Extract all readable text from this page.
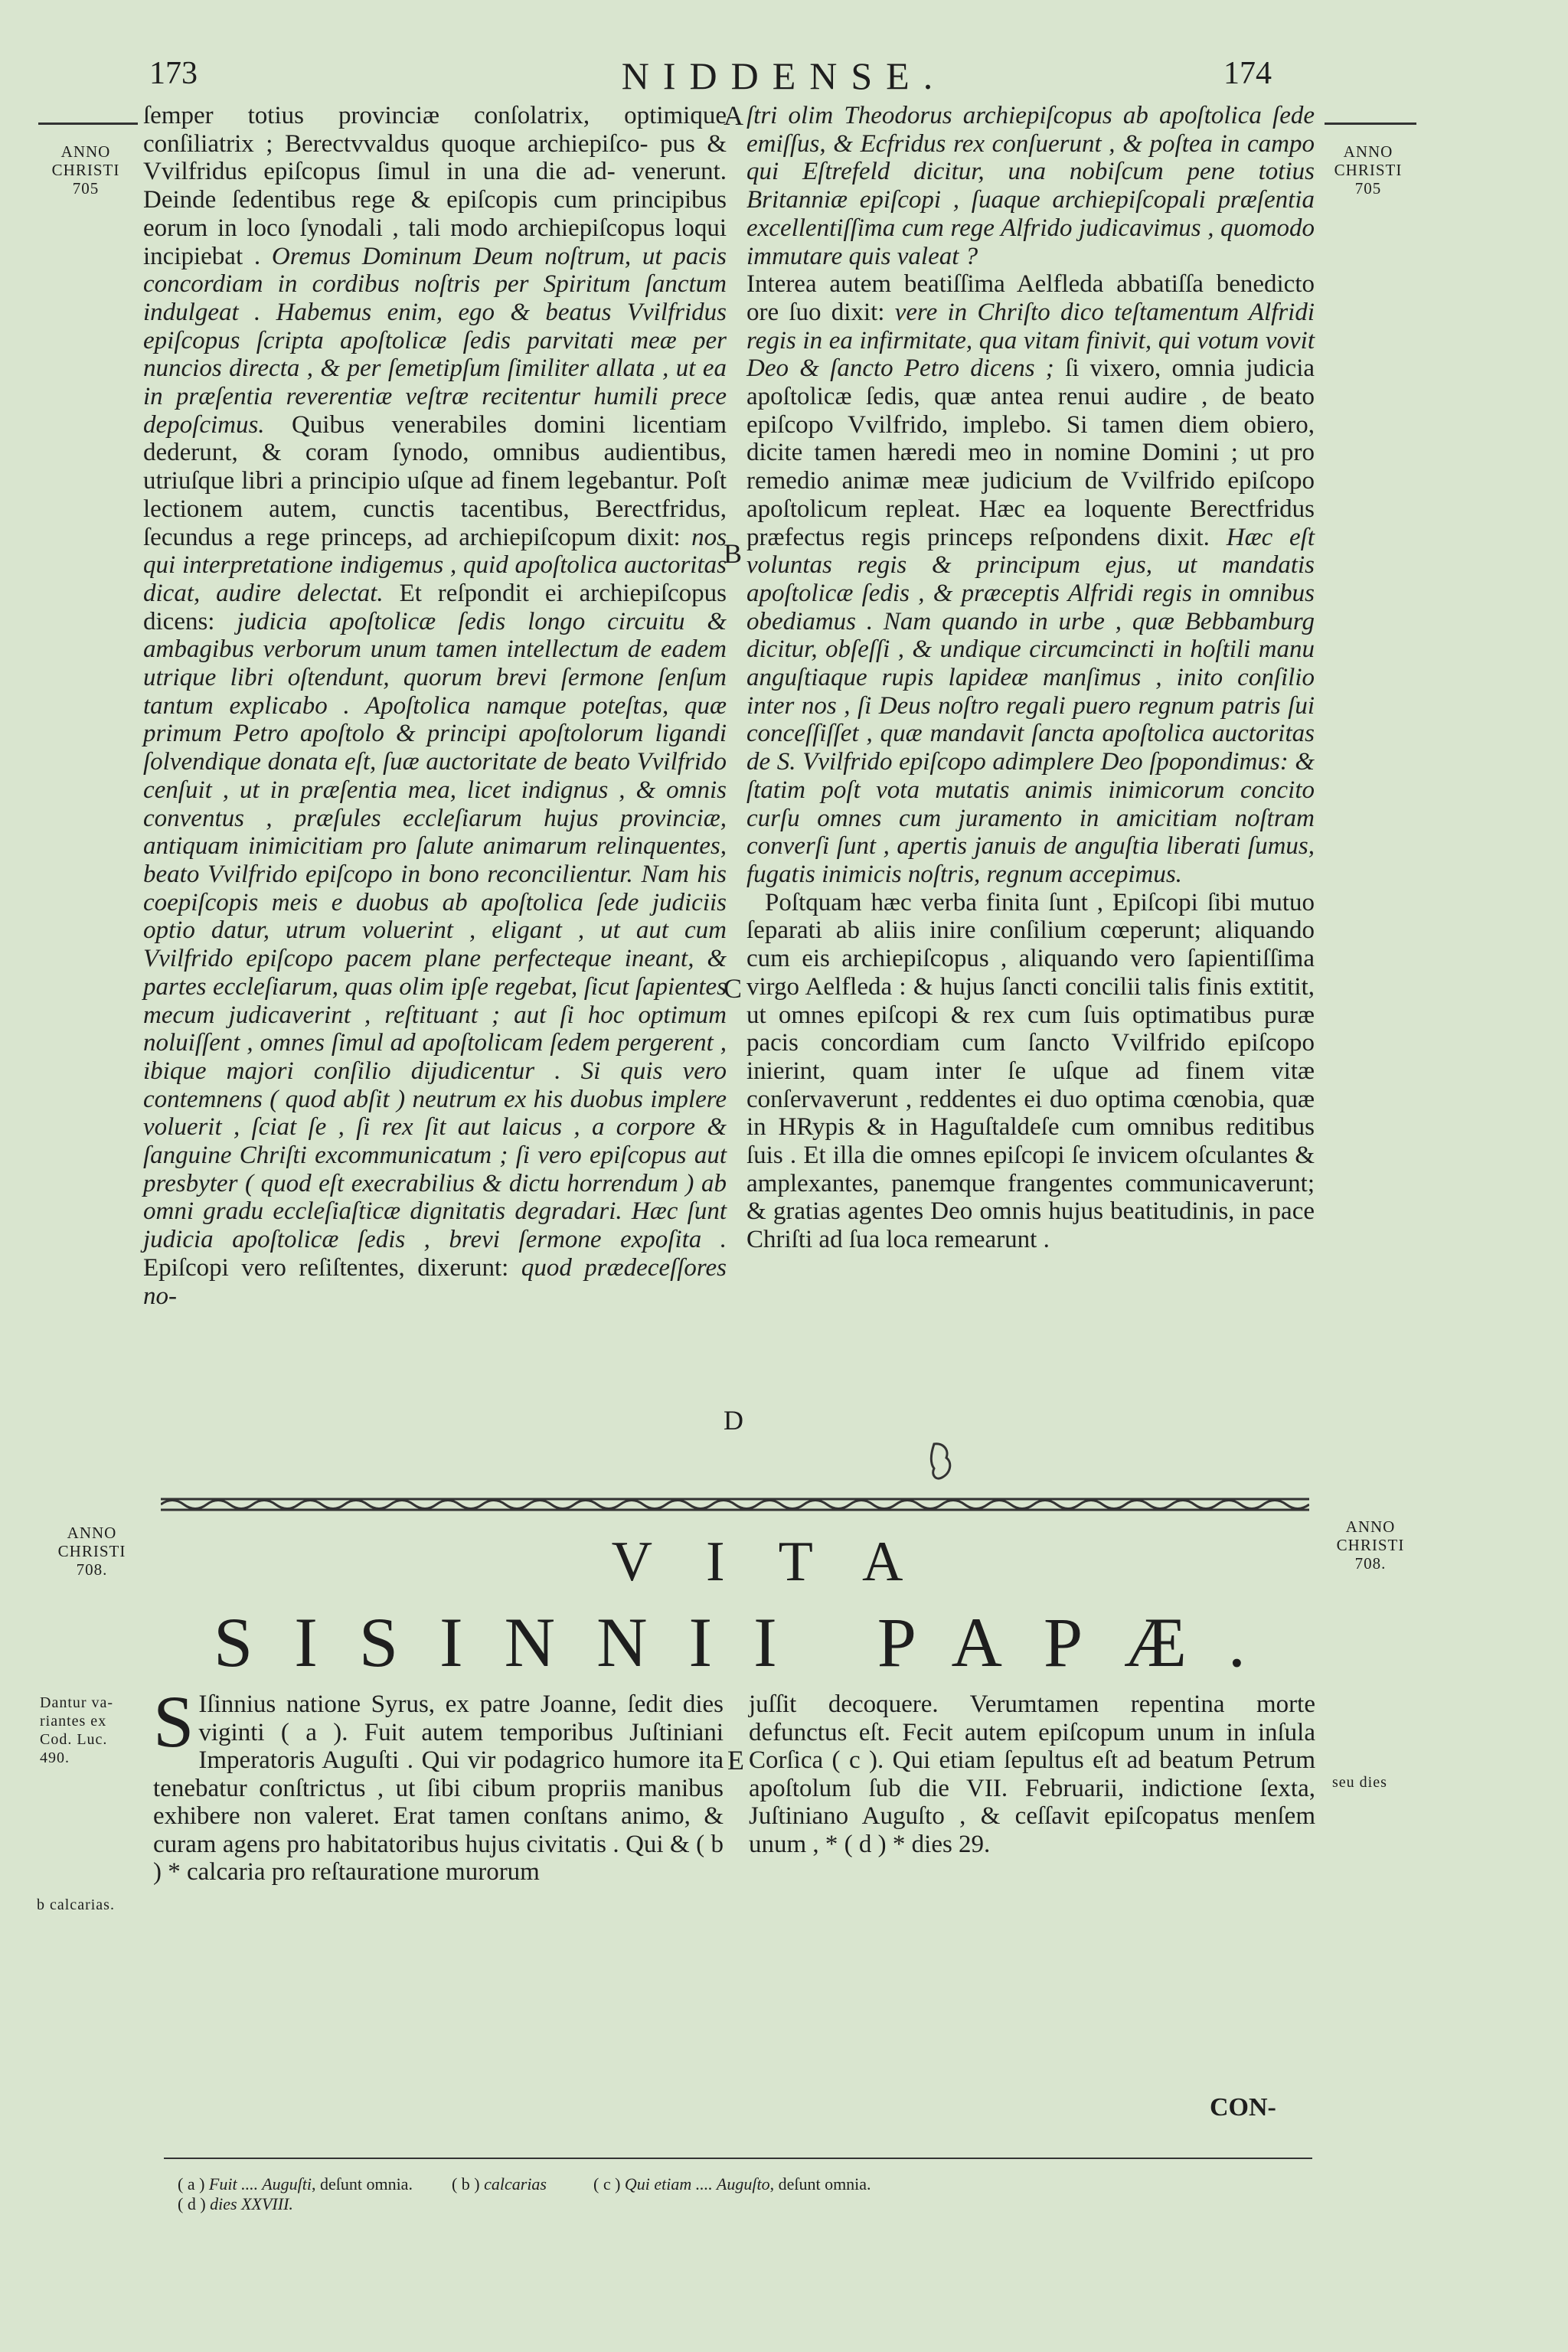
173	NIDDENSE.	174
ANNO
CHRISTI
705
ANNO
CHRISTI
705
A
B
C
D
E

ſemper totius provinciæ conſolatrix, optimique conſiliatrix ; Berectvvaldus quoque archiepiſco- pus & Vvilfridus epiſcopus ſimul in una die ad- venerunt. Deinde ſedentibus rege & epiſcopis cum principibus eorum in loco ſynodali , tali modo archiepiſcopus loqui incipiebat . Oremus Dominum Deum noſtrum, ut pacis concordiam in cordibus noſtris per Spiritum ſanctum indulgeat . Habemus enim, ego & beatus Vvilfridus epiſcopus ſcripta apoſtolicæ ſedis parvitati meæ per nuncios directa , & per ſemetipſum ſimiliter allata , ut ea in præſentia reverentiæ veſtræ recitentur humili prece depoſcimus. Quibus venerabiles domini licentiam dederunt, & coram ſynodo, omnibus audientibus, utriuſque libri a principio uſque ad finem legebantur. Poſt lectionem autem, cunctis tacentibus, Berectfridus, ſecundus a rege princeps, ad archiepiſcopum dixit: nos qui interpretatione indigemus , quid apoſtolica auctoritas dicat, audire delectat. Et reſpondit ei archiepiſcopus dicens: judicia apoſtolicæ ſedis longo circuitu & ambagibus verborum unum tamen intellectum de eadem utrique libri oſtendunt, quorum brevi ſermone ſenſum tantum explicabo . Apoſtolica namque poteſtas, quæ primum Petro apoſtolo & principi apoſtolorum ligandi ſolvendique donata eſt, ſuæ auctoritate de beato Vvilfrido cenſuit , ut in præſentia mea, licet indignus , & omnis conventus , præſules eccleſiarum hujus provinciæ, antiquam inimicitiam pro ſalute animarum relinquentes, beato Vvilfrido epiſcopo in bono reconcilientur. Nam his coepiſcopis meis e duobus ab apoſtolica ſede judiciis optio datur, utrum voluerint , eligant , ut aut cum Vvilfrido epiſcopo pacem plane perfecteque ineant, & partes eccleſiarum, quas olim ipſe regebat, ſicut ſapientes mecum judicaverint , reſtituant ; aut ſi hoc optimum noluiſſent , omnes ſimul ad apoſtolicam ſedem pergerent , ibique majori conſilio dijudicentur . Si quis vero contemnens ( quod abſit ) neutrum ex his duobus implere voluerit , ſciat ſe , ſi rex ſit aut laicus , a corpore & ſanguine Chriſti excommunicatum ; ſi vero epiſcopus aut presbyter ( quod eſt execrabilius & dictu horrendum ) ab omni gradu eccleſiaſticæ dignitatis degradari. Hæc ſunt judicia apoſtolicæ ſedis , brevi ſermone expoſita . Epiſcopi vero reſiſtentes, dixerunt: quod prædeceſſores no-

ſtri olim Theodorus archiepiſcopus ab apoſtolica ſede emiſſus, & Ecfridus rex conſuerunt , & poſtea in campo qui Eſtrefeld dicitur, una nobiſcum pene totius Britanniæ epiſcopi , ſuaque archiepiſcopali præſentia excellentiſſima cum rege Alfrido judicavimus , quomodo immutare quis valeat ?

Interea autem beatiſſima Aelfleda abbatiſſa benedicto ore ſuo dixit: vere in Chriſto dico teſtamentum Alfridi regis in ea infirmitate, qua vitam finivit, qui votum vovit Deo & ſancto Petro dicens ; ſi vixero, omnia judicia apoſtolicæ ſedis, quæ antea renui audire , de beato epiſcopo Vvilfrido, implebo. Si tamen diem obiero, dicite tamen hæredi meo in nomine Domini ; ut pro remedio animæ meæ judicium de Vvilfrido epiſcopo apoſtolicum repleat. Hæc ea loquente Berectfridus præfectus regis princeps reſpondens dixit. Hæc eſt voluntas regis & principum ejus, ut mandatis apoſtolicæ ſedis , & præceptis Alfridi regis in omnibus obediamus . Nam quando in urbe , quæ Bebbamburg dicitur, obſeſſi , & undique circumcincti in hoſtili manu anguſtiaque rupis lapideæ manſimus , inito conſilio inter nos , ſi Deus noſtro regali puero regnum patris ſui conceſſiſſet , quæ mandavit ſancta apoſtolica auctoritas de S. Vvilfrido epiſcopo adimplere Deo ſpopondimus: & ſtatim poſt vota mutatis animis inimicorum concito curſu omnes cum juramento in amicitiam noſtram converſi ſunt , apertis januis de anguſtia liberati ſumus, fugatis inimicis noſtris, regnum accepimus.

Poſtquam hæc verba finita ſunt , Epiſcopi ſibi mutuo ſeparati ab aliis inire conſilium cœperunt; aliquando cum eis archiepiſcopus , aliquando vero ſapientiſſima virgo Aelfleda : & hujus ſancti concilii talis finis extitit, ut omnes epiſcopi & rex cum ſuis optimatibus puræ pacis concordiam cum ſancto Vvilfrido epiſcopo inierint, quam inter ſe uſque ad finem vitæ conſervaverunt , reddentes ei duo optima cœnobia, quæ in HRypis & in Haguſtaldeſe cum omnibus reditibus ſuis . Et illa die omnes epiſcopi ſe invicem oſculantes & amplexantes, panemque frangentes communicaverunt; & gratias agentes Deo omnis hujus beatitudinis, in pace Chriſti ad ſua loca remearunt .

ANNO
CHRISTI
708.
ANNO
CHRISTI
708.
VITA
SISINNII PAPÆ.
Dantur va-
riantes ex
Cod. Luc.
490.
b calcarias.
seu dies
S Iſinnius natione Syrus, ex patre Joanne, ſedit dies viginti ( a ). Fuit autem temporibus Juſtiniani Imperatoris Auguſti . Qui vir podagrico humore ita tenebatur conſtrictus , ut ſibi cibum propriis manibus exhibere non valeret. Erat tamen conſtans animo, & curam agens pro habitatoribus hujus civitatis . Qui & ( b ) * calcaria pro reſtauratione murorum
juſſit decoquere. Verumtamen repentina morte defunctus eſt. Fecit autem epiſcopum unum in inſula Corſica ( c ). Qui etiam ſepultus eſt ad beatum Petrum apoſtolum ſub die VII. Februarii, indictione ſexta, Juſtiniano Auguſto , & ceſſavit epiſcopatus menſem unum , * ( d ) * dies 29.
CON-
( a ) Fuit .... Auguſti, deſunt omnia. ( b ) calcarias	( c ) Qui etiam .... Auguſto, deſunt omnia.
( d ) dies XXVIII.
